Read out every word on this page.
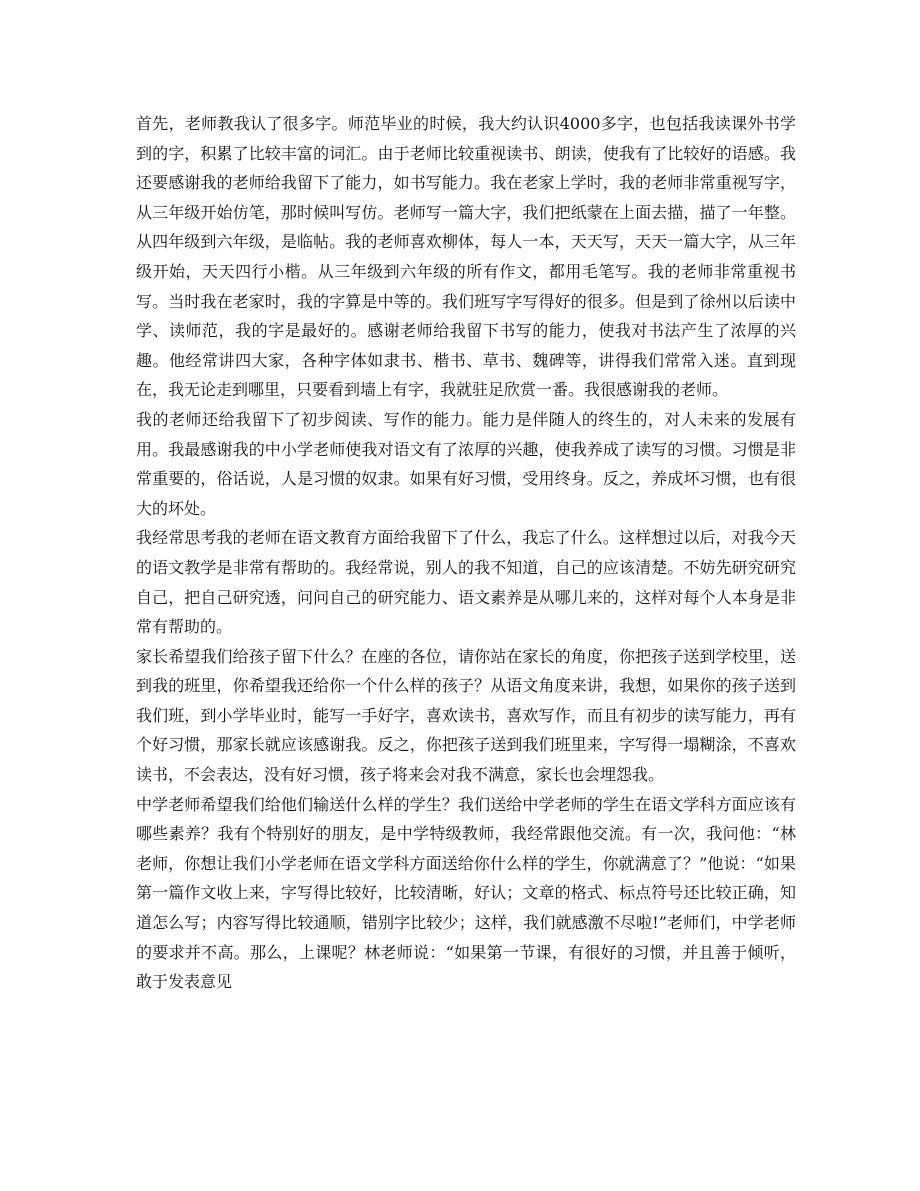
首先，老师教我认了很多字。师范毕业的时候，我大约认识4000多字，也包括我读课外书学到的字，积累了比较丰富的词汇。由于老师比较重视读书、朗读，使我有了比较好的语感。我还要感谢我的老师给我留下了能力，如书写能力。我在老家上学时，我的老师非常重视写字，从三年级开始仿笔，那时候叫写仿。老师写一篇大字，我们把纸蒙在上面去描，描了一年整。从四年级到六年级，是临帖。我的老师喜欢柳体，每人一本，天天写，天天一篇大字，从三年级开始，天天四行小楷。从三年级到六年级的所有作文，都用毛笔写。我的老师非常重视书写。当时我在老家时，我的字算是中等的。我们班写字写得好的很多。但是到了徐州以后读中学、读师范，我的字是最好的。感谢老师给我留下书写的能力，使我对书法产生了浓厚的兴趣。他经常讲四大家，各种字体如隶书、楷书、草书、魏碑等，讲得我们常常入迷。直到现在，我无论走到哪里，只要看到墙上有字，我就驻足欣赏一番。我很感谢我的老师。

我的老师还给我留下了初步阅读、写作的能力。能力是伴随人的终生的，对人未来的发展有用。我最感谢我的中小学老师使我对语文有了浓厚的兴趣，使我养成了读写的习惯。习惯是非常重要的，俗话说，人是习惯的奴隶。如果有好习惯，受用终身。反之，养成坏习惯，也有很大的坏处。

我经常思考我的老师在语文教育方面给我留下了什么，我忘了什么。这样想过以后，对我今天的语文教学是非常有帮助的。我经常说，别人的我不知道，自己的应该清楚。不妨先研究研究自己，把自己研究透，问问自己的研究能力、语文素养是从哪儿来的，这样对每个人本身是非常有帮助的。

家长希望我们给孩子留下什么？在座的各位，请你站在家长的角度，你把孩子送到学校里，送到我的班里，你希望我还给你一个什么样的孩子？从语文角度来讲，我想，如果你的孩子送到我们班，到小学毕业时，能写一手好字，喜欢读书，喜欢写作，而且有初步的读写能力，再有个好习惯，那家长就应该感谢我。反之，你把孩子送到我们班里来，字写得一塌糊涂，不喜欢读书，不会表达，没有好习惯，孩子将来会对我不满意，家长也会埋怨我。

中学老师希望我们给他们输送什么样的学生？我们送给中学老师的学生在语文学科方面应该有哪些素养？我有个特别好的朋友，是中学特级教师，我经常跟他交流。有一次，我问他：“林老师，你想让我们小学老师在语文学科方面送给你什么样的学生，你就满意了？”他说：“如果第一篇作文收上来，字写得比较好，比较清晰，好认；文章的格式、标点符号还比较正确，知道怎么写；内容写得比较通顺，错别字比较少；这样，我们就感激不尽啦!”老师们，中学老师的要求并不高。那么，上课呢？林老师说：“如果第一节课，有很好的习惯，并且善于倾听，敢于发表意见
